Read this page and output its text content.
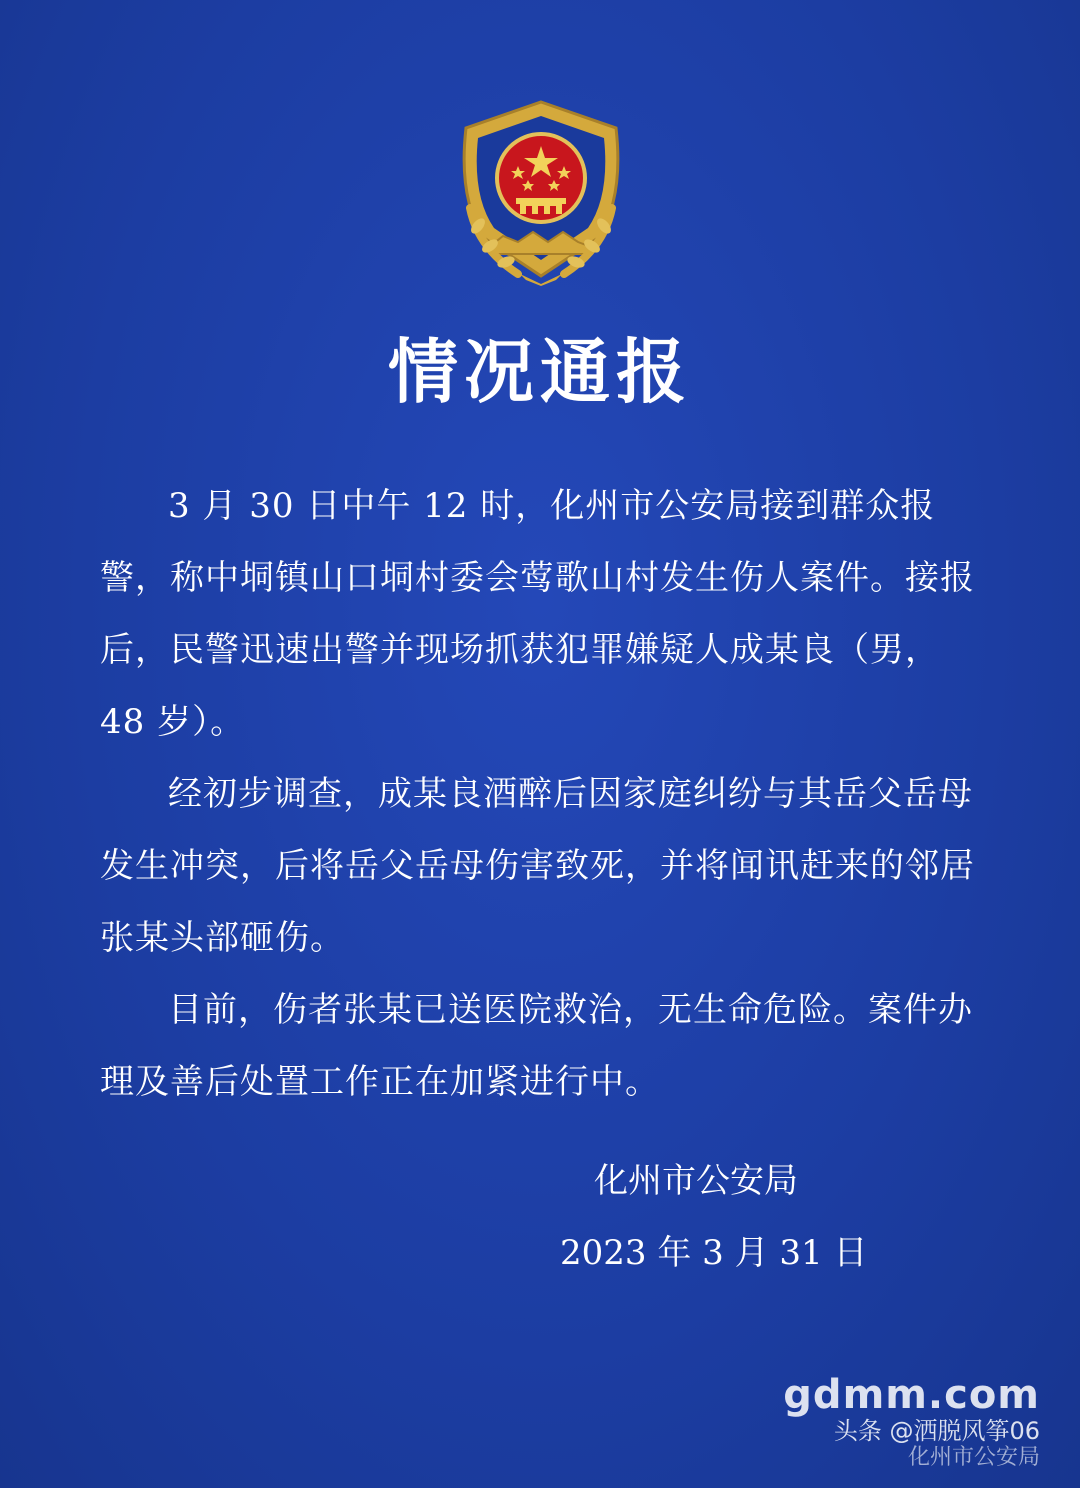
情况通报

3 月 30 日中午 12 时，化州市公安局接到群众报警，称中垌镇山口垌村委会莺歌山村发生伤人案件。接报后，民警迅速出警并现场抓获犯罪嫌疑人成某良（男，48 岁）。

经初步调查，成某良酒醉后因家庭纠纷与其岳父岳母发生冲突，后将岳父岳母伤害致死，并将闻讯赶来的邻居张某头部砸伤。

目前，伤者张某已送医院救治，无生命危险。案件办理及善后处置工作正在加紧进行中。

化州市公安局
2023 年 3 月 31 日
gdmm.com
头条 @洒脱风筝06
化州市公安局
